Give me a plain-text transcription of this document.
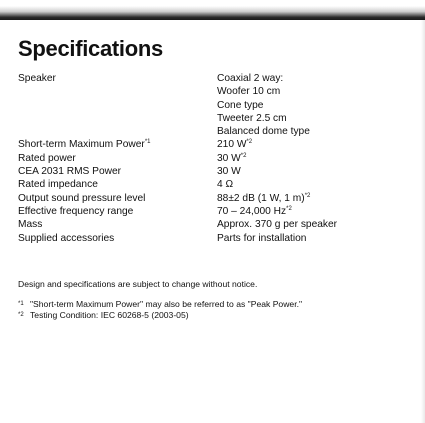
Specifications
Speaker	Coaxial 2 way:
Woofer 10 cm
Cone type
Tweeter 2.5 cm
Balanced dome type
Short-term Maximum Power$^{*1}$	210 $W^{*2}$
Rated power	30 $W^{*2}$
CEA 2031 RMS Power	30 W
Rated impedance	4 Ω
Output sound pressure level	88±2 dB (1 W, 1 m)$^{*2}$
Effective frequency range	70 – 24,000 Hz$^{*2}$
Mass	Approx. 370 g per speaker
Supplied accessories	Parts for installation
Design and specifications are subject to change without notice.
*1 "Short-term Maximum Power" may also be referred to as "Peak Power."
*2 Testing Condition: IEC 60268-5 (2003-05)
